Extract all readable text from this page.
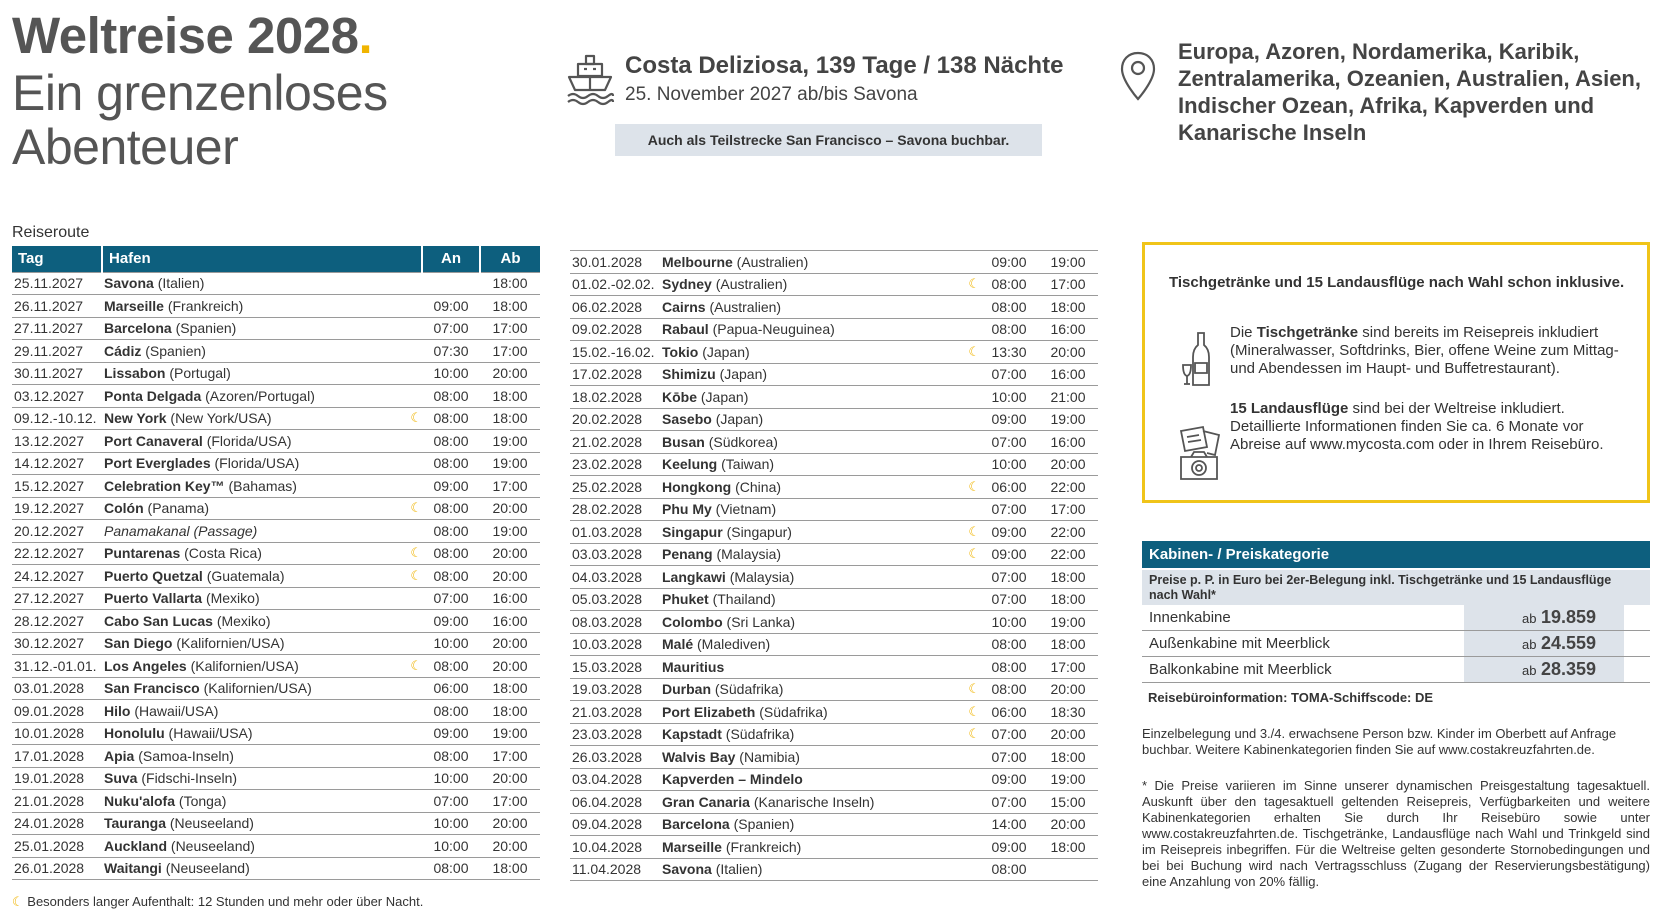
Weltreise 2028.
Ein grenzenloses
Abenteuer
Costa Deliziosa, 139 Tage / 138 Nächte
25. November 2027 ab/bis Savona
Auch als Teilstrecke San Francisco – Savona buchbar.
Europa, Azoren, Nordamerika, Karibik, Zentralamerika, Ozeanien, Australien, Asien, Indischer Ozean, Afrika, Kapverden und Kanarische Inseln
Reiseroute
Tag	Hafen		An	Ab
25.11.2027	Savona (Italien)			18:00
26.11.2027	Marseille (Frankreich)		09:00	18:00
27.11.2027	Barcelona (Spanien)		07:00	17:00
29.11.2027	Cádiz (Spanien)		07:30	17:00
30.11.2027	Lissabon (Portugal)		10:00	20:00
03.12.2027	Ponta Delgada (Azoren/Portugal)		08:00	18:00
09.12.-10.12.	New York (New York/USA)	☾	08:00	18:00
13.12.2027	Port Canaveral (Florida/USA)		08:00	19:00
14.12.2027	Port Everglades (Florida/USA)		08:00	19:00
15.12.2027	Celebration Key™ (Bahamas)		09:00	17:00
19.12.2027	Colón (Panama)	☾	08:00	20:00
20.12.2027	Panamakanal (Passage)		08:00	19:00
22.12.2027	Puntarenas (Costa Rica)	☾	08:00	20:00
24.12.2027	Puerto Quetzal (Guatemala)	☾	08:00	20:00
27.12.2027	Puerto Vallarta (Mexiko)		07:00	16:00
28.12.2027	Cabo San Lucas (Mexiko)		09:00	16:00
30.12.2027	San Diego (Kalifornien/USA)		10:00	20:00
31.12.-01.01.	Los Angeles (Kalifornien/USA)	☾	08:00	20:00
03.01.2028	San Francisco (Kalifornien/USA)		06:00	18:00
09.01.2028	Hilo (Hawaii/USA)		08:00	18:00
10.01.2028	Honolulu (Hawaii/USA)		09:00	19:00
17.01.2028	Apia (Samoa-Inseln)		08:00	17:00
19.01.2028	Suva (Fidschi-Inseln)		10:00	20:00
21.01.2028	Nuku'alofa (Tonga)		07:00	17:00
24.01.2028	Tauranga (Neuseeland)		10:00	20:00
25.01.2028	Auckland (Neuseeland)		10:00	20:00
26.01.2028	Waitangi (Neuseeland)		08:00	18:00
30.01.2028	Melbourne (Australien)		09:00	19:00
01.02.-02.02.	Sydney (Australien)	☾	08:00	17:00
06.02.2028	Cairns (Australien)		08:00	18:00
09.02.2028	Rabaul (Papua-Neuguinea)		08:00	16:00
15.02.-16.02.	Tokio (Japan)	☾	13:30	20:00
17.02.2028	Shimizu (Japan)		07:00	16:00
18.02.2028	Kōbe (Japan)		10:00	21:00
20.02.2028	Sasebo (Japan)		09:00	19:00
21.02.2028	Busan (Südkorea)		07:00	16:00
23.02.2028	Keelung (Taiwan)		10:00	20:00
25.02.2028	Hongkong (China)	☾	06:00	22:00
28.02.2028	Phu My (Vietnam)		07:00	17:00
01.03.2028	Singapur (Singapur)	☾	09:00	22:00
03.03.2028	Penang (Malaysia)	☾	09:00	22:00
04.03.2028	Langkawi (Malaysia)		07:00	18:00
05.03.2028	Phuket (Thailand)		07:00	18:00
08.03.2028	Colombo (Sri Lanka)		10:00	19:00
10.03.2028	Malé (Malediven)		08:00	18:00
15.03.2028	Mauritius		08:00	17:00
19.03.2028	Durban (Südafrika)	☾	08:00	20:00
21.03.2028	Port Elizabeth (Südafrika)	☾	06:00	18:30
23.03.2028	Kapstadt (Südafrika)	☾	07:00	20:00
26.03.2028	Walvis Bay (Namibia)		07:00	18:00
03.04.2028	Kapverden – Mindelo		09:00	19:00
06.04.2028	Gran Canaria (Kanarische Inseln)		07:00	15:00
09.04.2028	Barcelona (Spanien)		14:00	20:00
10.04.2028	Marseille (Frankreich)		09:00	18:00
11.04.2028	Savona (Italien)		08:00	
Tischgetränke und 15 Landausflüge nach Wahl schon inklusive.
Die Tischgetränke sind bereits im Reisepreis inkludiert (Mineralwasser, Softdrinks, Bier, offene Weine zum Mittag- und Abendessen im Haupt- und Buffetrestaurant).
15 Landausflüge sind bei der Weltreise inkludiert. Detaillierte Informationen finden Sie ca. 6 Monate vor Abreise auf www.mycosta.com oder in Ihrem Reisebüro.
Kabinen- / Preiskategorie
Preise p. P. in Euro bei 2er-Belegung inkl. Tischgetränke und 15 Landausflüge nach Wahl*
Innenkabine	ab 19.859
Außenkabine mit Meerblick	ab 24.559
Balkonkabine mit Meerblick	ab 28.359
Reisebüroinformation: TOMA-Schiffscode: DE
Einzelbelegung und 3./4. erwachsene Person bzw. Kinder im Oberbett auf Anfrage buchbar. Weitere Kabinenkategorien finden Sie auf www.costakreuzfahrten.de.
* Die Preise variieren im Sinne unserer dynamischen Preisgestaltung tagesaktuell. Auskunft über den tagesaktuell geltenden Reisepreis, Verfügbarkeiten und weitere Kabinenkategorien erhalten Sie durch Ihr Reisebüro sowie unter www.costakreuzfahrten.de. Tischgetränke, Landausflüge nach Wahl und Trinkgeld sind im Reisepreis inbegriffen. Für die Weltreise gelten gesonderte Stornobedingungen und bei bei Buchung wird nach Vertragsschluss (Zugang der Reservierungsbestätigung) eine Anzahlung von 20% fällig.
☾ Besonders langer Aufenthalt: 12 Stunden und mehr oder über Nacht.
